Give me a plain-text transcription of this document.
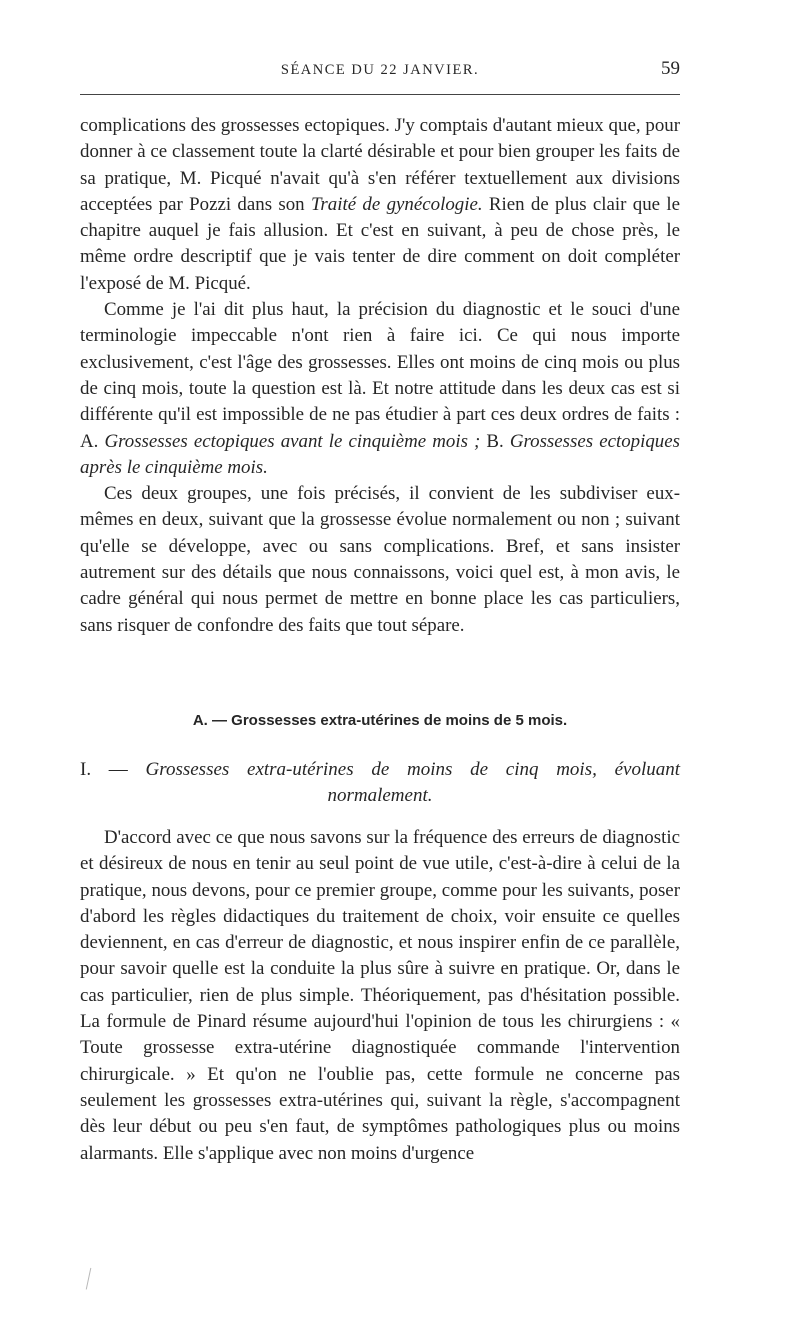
SÉANCE DU 22 JANVIER.	59

complications des grossesses ectopiques. J'y comptais d'autant mieux que, pour donner à ce classement toute la clarté désirable et pour bien grouper les faits de sa pratique, M. Picqué n'avait qu'à s'en référer textuellement aux divisions acceptées par Pozzi dans son Traité de gynécologie. Rien de plus clair que le chapitre auquel je fais allusion. Et c'est en suivant, à peu de chose près, le même ordre descriptif que je vais tenter de dire comment on doit compléter l'exposé de M. Picqué.

Comme je l'ai dit plus haut, la précision du diagnostic et le souci d'une terminologie impeccable n'ont rien à faire ici. Ce qui nous importe exclusivement, c'est l'âge des grossesses. Elles ont moins de cinq mois ou plus de cinq mois, toute la question est là. Et notre attitude dans les deux cas est si différente qu'il est impossible de ne pas étudier à part ces deux ordres de faits : A. Grossesses ectopiques avant le cinquième mois ; B. Grossesses ectopiques après le cinquième mois.

Ces deux groupes, une fois précisés, il convient de les subdiviser eux-mêmes en deux, suivant que la grossesse évolue normalement ou non ; suivant qu'elle se développe, avec ou sans complications. Bref, et sans insister autrement sur des détails que nous connaissons, voici quel est, à mon avis, le cadre général qui nous permet de mettre en bonne place les cas particuliers, sans risquer de confondre des faits que tout sépare.

A. — Grossesses extra-utérines de moins de 5 mois.
I. — Grossesses extra-utérines de moins de cinq mois, évoluant
normalement.

D'accord avec ce que nous savons sur la fréquence des erreurs de diagnostic et désireux de nous en tenir au seul point de vue utile, c'est-à-dire à celui de la pratique, nous devons, pour ce premier groupe, comme pour les suivants, poser d'abord les règles didactiques du traitement de choix, voir ensuite ce quelles deviennent, en cas d'erreur de diagnostic, et nous inspirer enfin de ce parallèle, pour savoir quelle est la conduite la plus sûre à suivre en pratique. Or, dans le cas particulier, rien de plus simple. Théoriquement, pas d'hésitation possible. La formule de Pinard résume aujourd'hui l'opinion de tous les chirurgiens : « Toute grossesse extra-utérine diagnostiquée commande l'intervention chirurgicale. » Et qu'on ne l'oublie pas, cette formule ne concerne pas seulement les grossesses extra-utérines qui, suivant la règle, s'accompagnent dès leur début ou peu s'en faut, de symptômes pathologiques plus ou moins alarmants. Elle s'applique avec non moins d'urgence
